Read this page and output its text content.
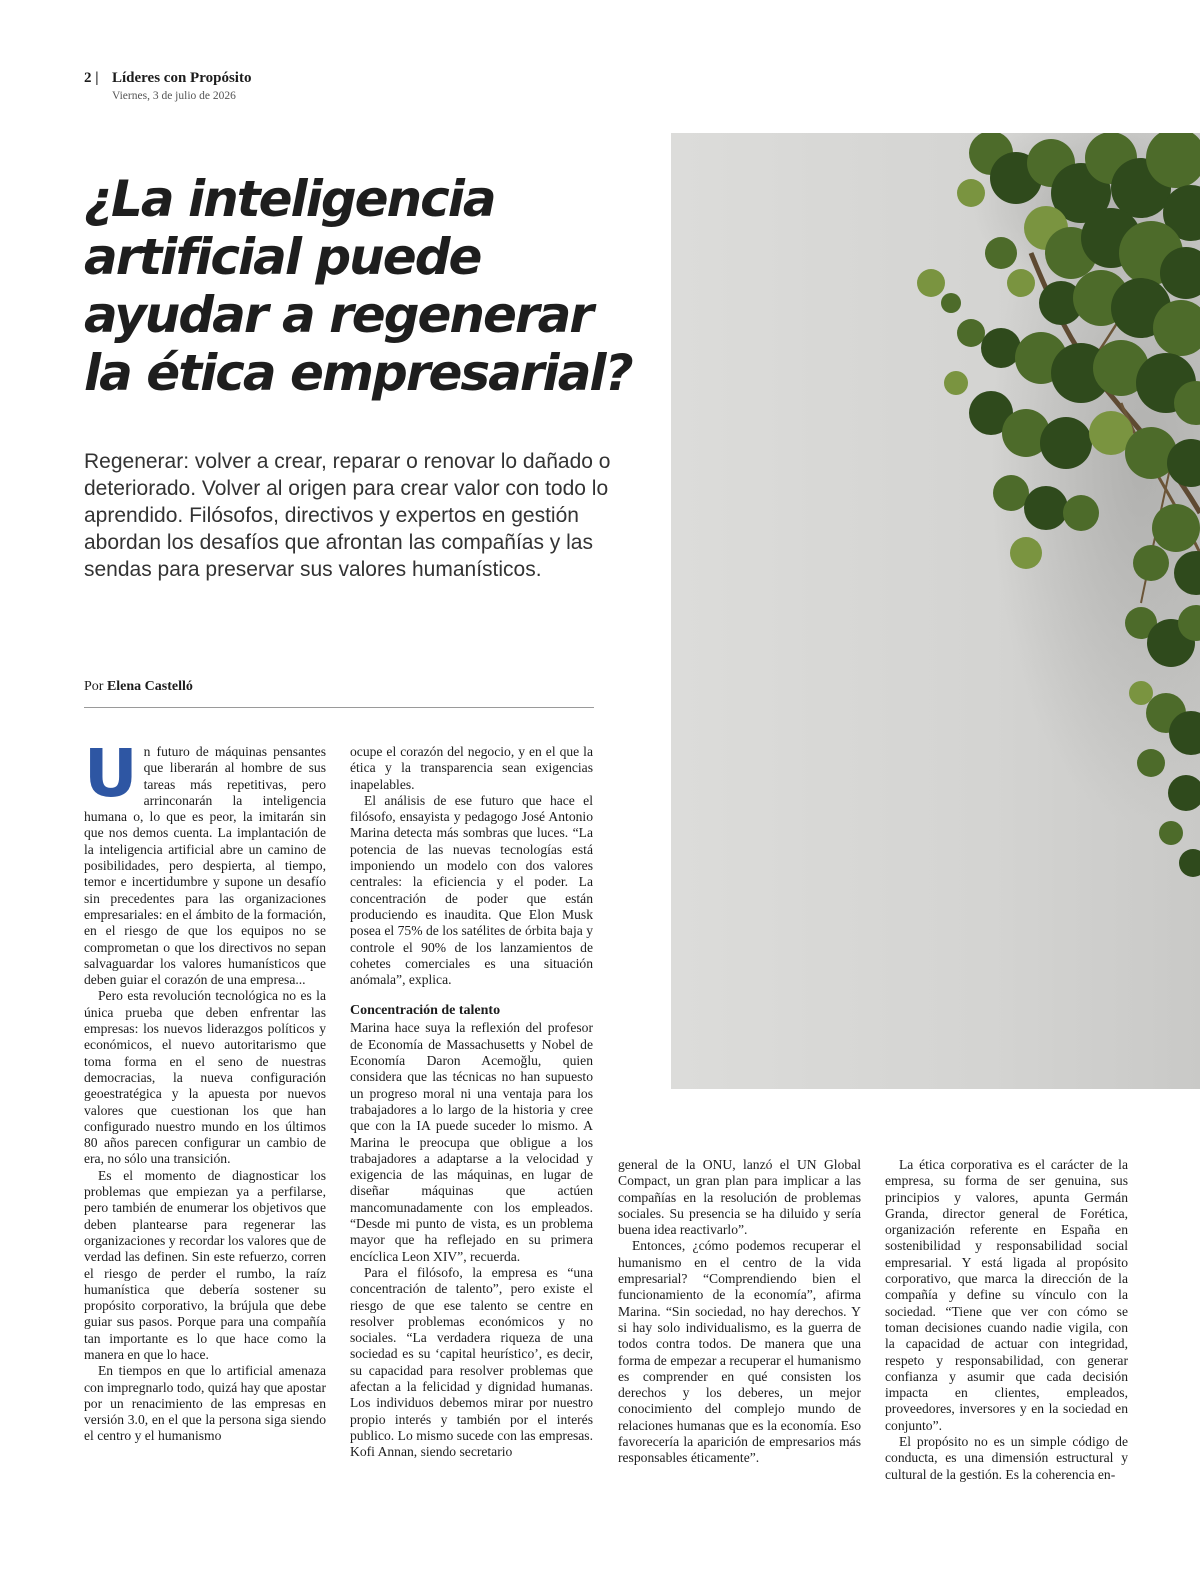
2 | Líderes con Propósito
Viernes, 3 de julio de 2026
¿La inteligencia artificial puede ayudar a regenerar la ética empresarial?

Regenerar: volver a crear, reparar o renovar lo dañado o deteriorado. Volver al origen para crear valor con todo lo aprendido. Filósofos, directivos y expertos en gestión abordan los desafíos que afrontan las compañías y las sendas para preservar sus valores humanísticos.

Por Elena Castelló
U n futuro de máquinas pensantes que liberarán al hombre de sus tareas más repetitivas, pero arrinconarán la inteligencia humana o, lo que es peor, la imitarán sin que nos demos cuenta. La implantación de la inteligencia artificial abre un camino de posibilidades, pero despierta, al tiempo, temor e incertidumbre y supone un desafío sin precedentes para las organizaciones empresariales: en el ámbito de la formación, en el riesgo de que los equipos no se comprometan o que los directivos no sepan salvaguardar los valores humanísticos que deben guiar el corazón de una empresa...

Pero esta revolución tecnológica no es la única prueba que deben enfrentar las empresas: los nuevos liderazgos políticos y económicos, el nuevo autoritarismo que toma forma en el seno de nuestras democracias, la nueva configuración geoestratégica y la apuesta por nuevos valores que cuestionan los que han configurado nuestro mundo en los últimos 80 años parecen configurar un cambio de era, no sólo una transición.

Es el momento de diagnosticar los problemas que empiezan ya a perfilarse, pero también de enumerar los objetivos que deben plantearse para regenerar las organizaciones y recordar los valores que de verdad las definen. Sin este refuerzo, corren el riesgo de perder el rumbo, la raíz humanística que debería sostener su propósito corporativo, la brújula que debe guiar sus pasos. Porque para una compañía tan importante es lo que hace como la manera en que lo hace.

En tiempos en que lo artificial amenaza con impregnarlo todo, quizá hay que apostar por un renacimiento de las empresas en versión 3.0, en el que la persona siga siendo el centro y el humanismo

ocupe el corazón del negocio, y en el que la ética y la transparencia sean exigencias inapelables.

El análisis de ese futuro que hace el filósofo, ensayista y pedagogo José Antonio Marina detecta más sombras que luces. “La potencia de las nuevas tecnologías está imponiendo un modelo con dos valores centrales: la eficiencia y el poder. La concentración de poder que están produciendo es inaudita. Que Elon Musk posea el 75% de los satélites de órbita baja y controle el 90% de los lanzamientos de cohetes comerciales es una situación anómala”, explica.

Concentración de talento

Marina hace suya la reflexión del profesor de Economía de Massachusetts y Nobel de Economía Daron Acemoğlu, quien considera que las técnicas no han supuesto un progreso moral ni una ventaja para los trabajadores a lo largo de la historia y cree que con la IA puede suceder lo mismo. A Marina le preocupa que obligue a los trabajadores a adaptarse a la velocidad y exigencia de las máquinas, en lugar de diseñar máquinas que actúen mancomunadamente con los empleados. “Desde mi punto de vista, es un problema mayor que ha reflejado en su primera encíclica Leon XIV”, recuerda.

Para el filósofo, la empresa es “una concentración de talento”, pero existe el riesgo de que ese talento se centre en resolver problemas económicos y no sociales. “La verdadera riqueza de una sociedad es su ‘capital heurístico’, es decir, su capacidad para resolver problemas que afectan a la felicidad y dignidad humanas. Los individuos debemos mirar por nuestro propio interés y también por el interés publico. Lo mismo sucede con las empresas. Kofi Annan, siendo secretario

general de la ONU, lanzó el UN Global Compact, un gran plan para implicar a las compañías en la resolución de problemas sociales. Su presencia se ha diluido y sería buena idea reactivarlo”.

Entonces, ¿cómo podemos recuperar el humanismo en el centro de la vida empresarial? “Comprendiendo bien el funcionamiento de la economía”, afirma Marina. “Sin sociedad, no hay derechos. Y si hay solo individualismo, es la guerra de todos contra todos. De manera que una forma de empezar a recuperar el humanismo es comprender en qué consisten los derechos y los deberes, un mejor conocimiento del complejo mundo de relaciones humanas que es la economía. Eso favorecería la aparición de empresarios más responsables éticamente”.

La ética corporativa es el carácter de la empresa, su forma de ser genuina, sus principios y valores, apunta Germán Granda, director general de Forética, organización referente en España en sostenibilidad y responsabilidad social empresarial. Y está ligada al propósito corporativo, que marca la dirección de la compañía y define su vínculo con la sociedad. “Tiene que ver con cómo se toman decisiones cuando nadie vigila, con la capacidad de actuar con integridad, respeto y responsabilidad, con generar confianza y asumir que cada decisión impacta en clientes, empleados, proveedores, inversores y en la sociedad en conjunto”.

El propósito no es un simple código de conducta, es una dimensión estructural y cultural de la gestión. Es la coherencia en-
